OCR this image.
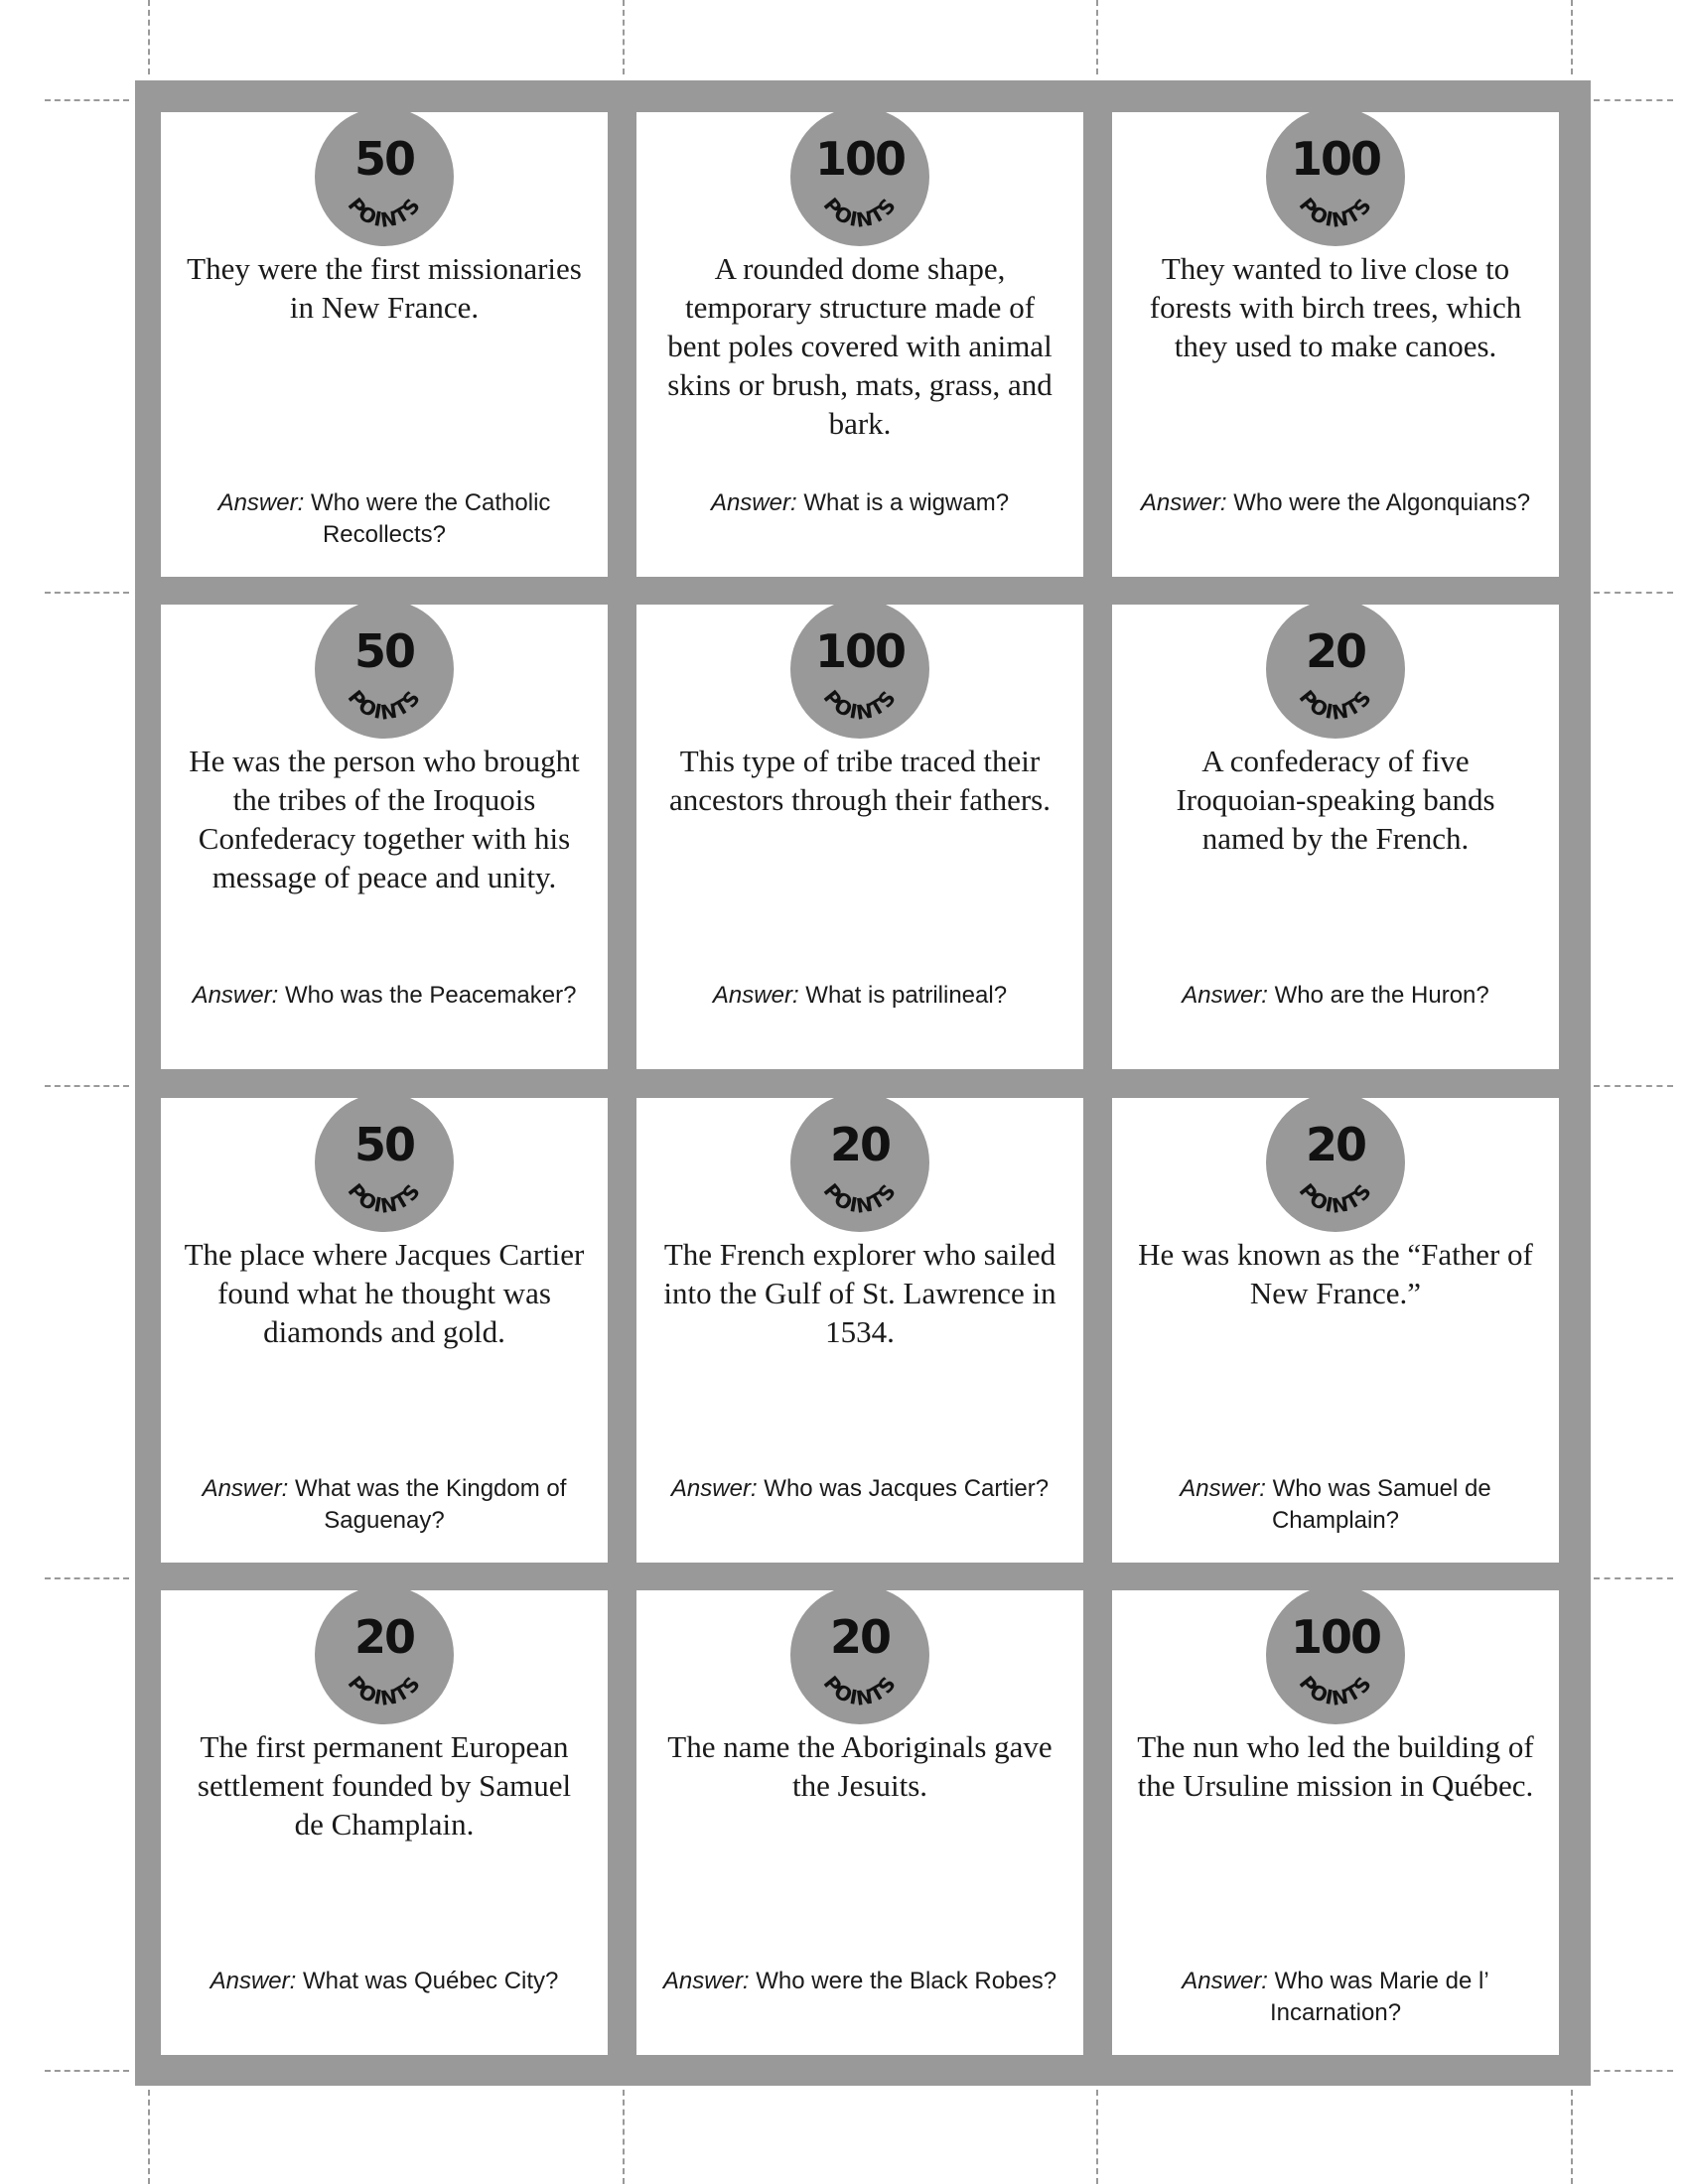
50
POINTS
They were the first missionaries in New France.
Answer: Who were the Catholic Recollects?
100
POINTS
A rounded dome shape, temporary structure made of bent poles covered with animal skins or brush, mats, grass, and bark.
Answer: What is a wigwam?
100
POINTS
They wanted to live close to forests with birch trees, which they used to make canoes.
Answer: Who were the Algonquians?
50
POINTS
He was the person who brought the tribes of the Iroquois Confederacy together with his message of peace and unity.
Answer: Who was the Peacemaker?
100
POINTS
This type of tribe traced their ancestors through their fathers.
Answer: What is patrilineal?
20
POINTS
A confederacy of five Iroquoian-speaking bands named by the French.
Answer: Who are the Huron?
50
POINTS
The place where Jacques Cartier found what he thought was diamonds and gold.
Answer: What was the Kingdom of Saguenay?
20
POINTS
The French explorer who sailed into the Gulf of St. Lawrence in 1534.
Answer: Who was Jacques Cartier?
20
POINTS
He was known as the “Father of New France.”
Answer: Who was Samuel de Champlain?
20
POINTS
The first permanent European settlement founded by Samuel de Champlain.
Answer: What was Québec City?
20
POINTS
The name the Aboriginals gave the Jesuits.
Answer: Who were the Black Robes?
100
POINTS
The nun who led the building of the Ursuline mission in Québec.
Answer: Who was Marie de l’ Incarnation?
